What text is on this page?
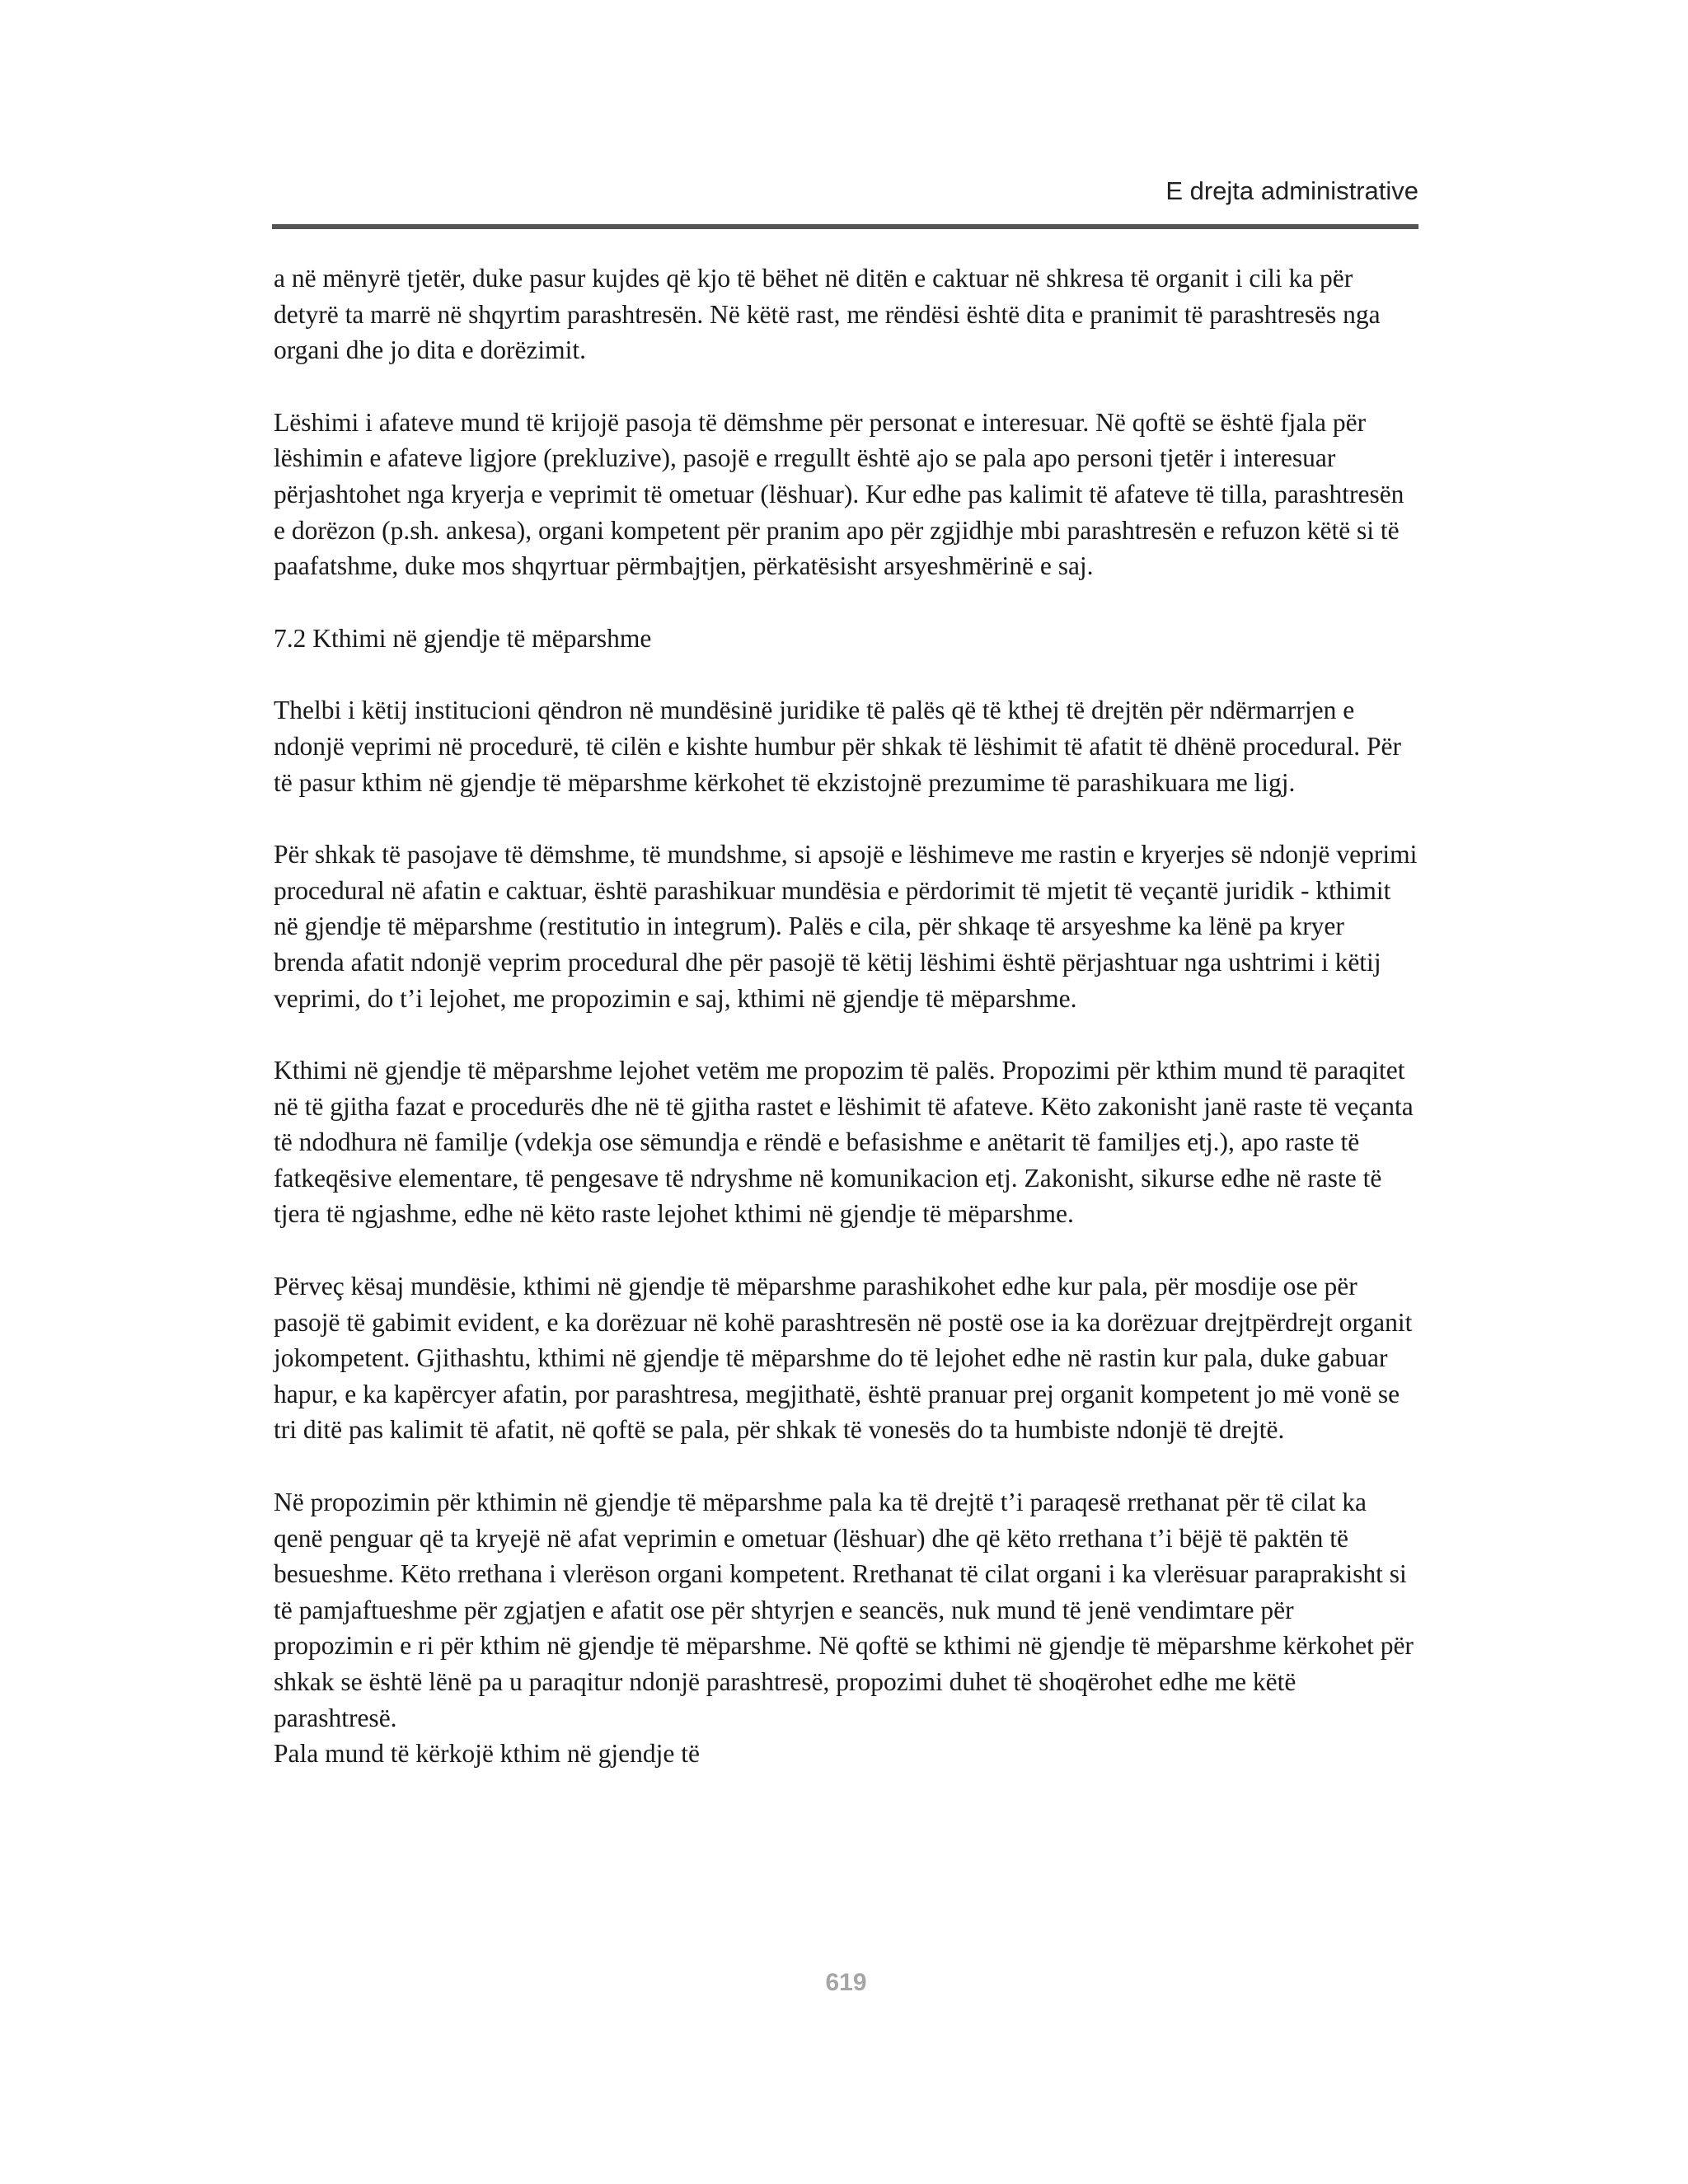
E drejta administrative

a në mënyrë tjetër, duke pasur kujdes që kjo të bëhet në ditën e caktuar në shkresa të organit i cili ka për detyrë ta marrë në shqyrtim parashtresën. Në këtë rast, me rëndësi është dita e pranimit të parashtresës nga organi dhe jo dita e dorëzimit.

Lëshimi i afateve mund të krijojë pasoja të dëmshme për personat e interesuar. Në qoftë se është fjala për lëshimin e afateve ligjore (prekluzive), pasojë e rregullt është ajo se pala apo personi tjetër i interesuar përjashtohet nga kryerja e veprimit të ometuar (lëshuar). Kur edhe pas kalimit të afateve të tilla, parashtresën e dorëzon (p.sh. ankesa), organi kompetent për pranim apo për zgjidhje mbi parashtresën e refuzon këtë si të paafatshme, duke mos shqyrtuar përmbajtjen, përkatësisht arsyeshmërinë e saj.

7.2 Kthimi në gjendje të mëparshme

Thelbi i këtij institucioni qëndron në mundësinë juridike të palës që të kthej të drejtën për ndërmarrjen e ndonjë veprimi në procedurë, të cilën e kishte humbur për shkak të lëshimit të afatit të dhënë procedural. Për të pasur kthim në gjendje të mëparshme kërkohet të ekzistojnë prezumime të parashikuara me ligj.

Për shkak të pasojave të dëmshme, të mundshme, si apsojë e lëshimeve me rastin e kryerjes së ndonjë veprimi procedural në afatin e caktuar, është parashikuar mundësia e përdorimit të mjetit të veçantë juridik - kthimit në gjendje të mëparshme (restitutio in integrum). Palës e cila, për shkaqe të arsyeshme ka lënë pa kryer brenda afatit ndonjë veprim procedural dhe për pasojë të këtij lëshimi është përjashtuar nga ushtrimi i këtij veprimi, do t’i lejohet, me propozimin e saj, kthimi në gjendje të mëparshme.

Kthimi në gjendje të mëparshme lejohet vetëm me propozim të palës. Propozimi për kthim mund të paraqitet në të gjitha fazat e procedurës dhe në të gjitha rastet e lëshimit të afateve. Këto zakonisht janë raste të veçanta të ndodhura në familje (vdekja ose sëmundja e rëndë e befasishme e anëtarit të familjes etj.), apo raste të fatkeqësive elementare, të pengesave të ndryshme në komunikacion etj. Zakonisht, sikurse edhe në raste të tjera të ngjashme, edhe në këto raste lejohet kthimi në gjendje të mëparshme.

Përveç kësaj mundësie, kthimi në gjendje të mëparshme parashikohet edhe kur pala, për mosdije ose për pasojë të gabimit evident, e ka dorëzuar në kohë parashtresën në postë ose ia ka dorëzuar drejtpërdrejt organit jokompetent. Gjithashtu, kthimi në gjendje të mëparshme do të lejohet edhe në rastin kur pala, duke gabuar hapur, e ka kapërcyer afatin, por parashtresa, megjithatë, është pranuar prej organit kompetent jo më vonë se tri ditë pas kalimit të afatit, në qoftë se pala, për shkak të vonesës do ta humbiste ndonjë të drejtë.

Në propozimin për kthimin në gjendje të mëparshme pala ka të drejtë t’i paraqesë rrethanat për të cilat ka qenë penguar që ta kryejë në afat veprimin e ometuar (lëshuar) dhe që këto rrethana t’i bëjë të paktën të besueshme. Këto rrethana i vlerëson organi kompetent. Rrethanat të cilat organi i ka vlerësuar paraprakisht si të pamjaftueshme për zgjatjen e afatit ose për shtyrjen e seancës, nuk mund të jenë vendimtare për propozimin e ri për kthim në gjendje të mëparshme. Në qoftë se kthimi në gjendje të mëparshme kërkohet për shkak se është lënë pa u paraqitur ndonjë parashtresë, propozimi duhet të shoqërohet edhe me këtë parashtresë.

Pala mund të kërkojë kthim në gjendje të

619
